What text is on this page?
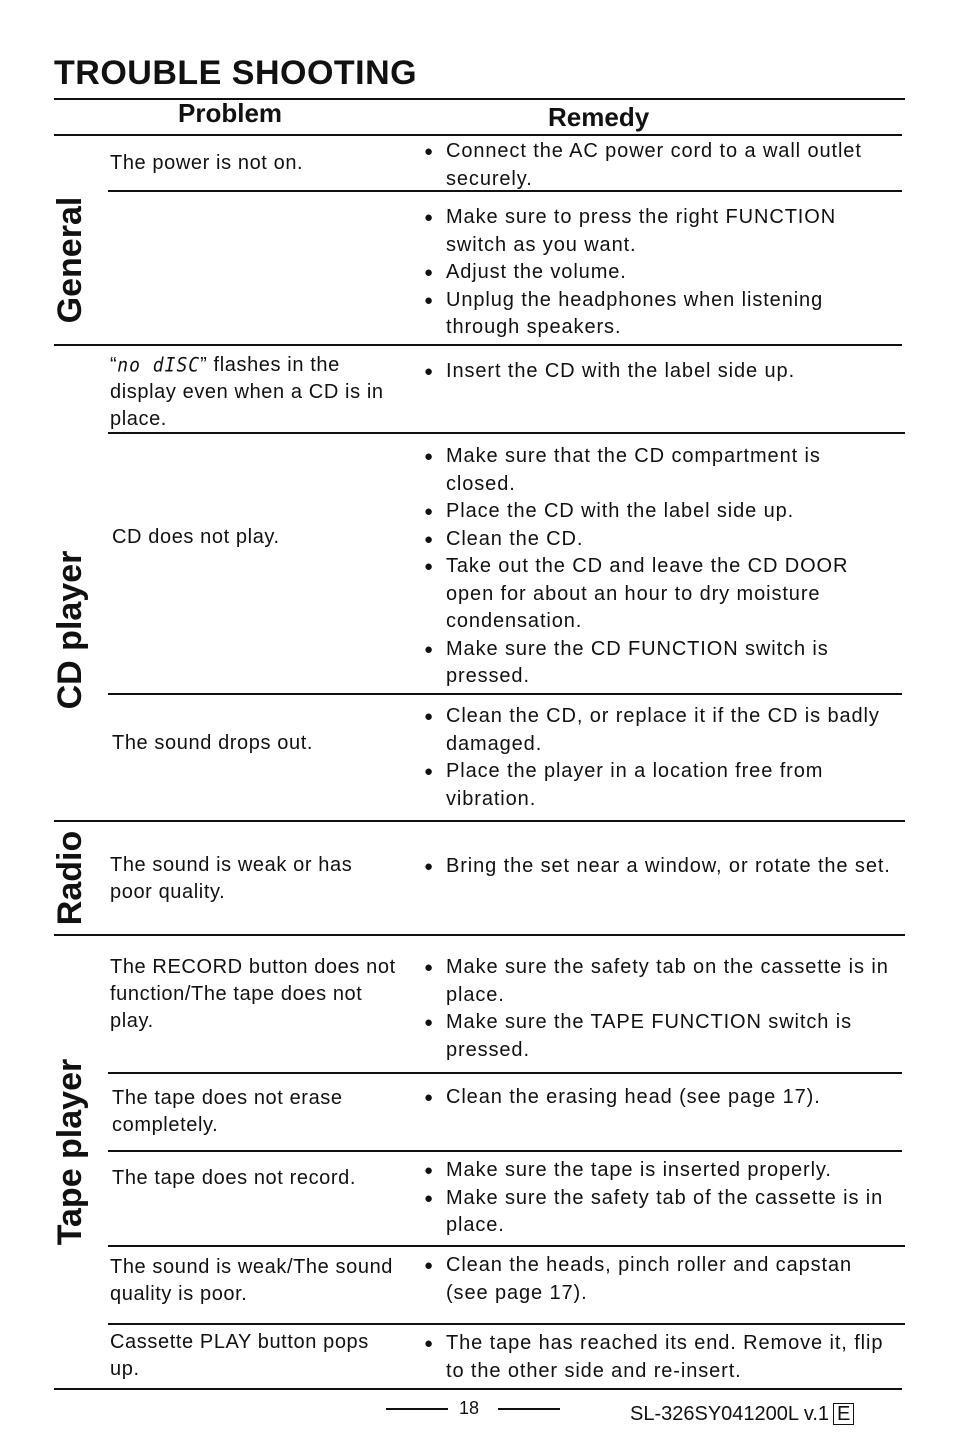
TROUBLE SHOOTING
Problem	Remedy
General
CD player
Radio
Tape player
The power is not on.
● Connect the AC power cord to a wall outlet securely.
● Make sure to press the right FUNCTION switch as you want.
● Adjust the volume.
● Unplug the headphones when listening through speakers.
“no dISC” flashes in the display even when a CD is in place.
● Insert the CD with the label side up.
CD does not play.
● Make sure that the CD compartment is closed.
● Place the CD with the label side up.
● Clean the CD.
● Take out the CD and leave the CD DOOR open for about an hour to dry moisture condensation.
● Make sure the CD FUNCTION switch is pressed.
The sound drops out.
● Clean the CD, or replace it if the CD is badly damaged.
● Place the player in a location free from vibration.
The sound is weak or has poor quality.
● Bring the set near a window, or rotate the set.
The RECORD button does not function/The tape does not play.
● Make sure the safety tab on the cassette is in place.
● Make sure the TAPE FUNCTION switch is pressed.
The tape does not erase completely.
● Clean the erasing head (see page 17).
The tape does not record.
●	Make sure the tape is inserted properly.
● Make sure the safety tab of the cassette is in place.
The sound is weak/The sound quality is poor.
● Clean the heads, pinch roller and capstan (see page 17).
Cassette PLAY button pops up.
● The tape has reached its end. Remove it, flip to the other side and re-insert.
18	SL-326SY041200L v.1 E
